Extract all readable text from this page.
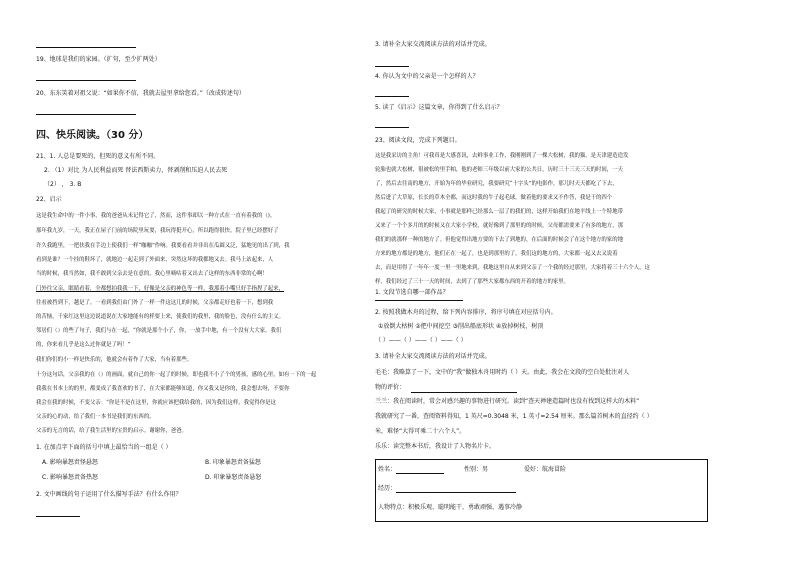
19、地球是我们的家园。（扩句，至少扩两处）
20、东东笑着对祖父说：“如果你不信，我就去屋里拿给您看。”（改成转述句）
四、快乐阅读。（30 分）
21、1. 人总是要死的，但死的意义有所不同。
2. （1）对比 为人民利益而死 替法西斯卖力，替剥削和压迫人民去死
（2） ， 3. B
22、启示
这是我生命中的一件小事，我的爸爸从未记得它了，然而，这件事却以一种方式在一直有着我的（)。
那年我九岁，一天，我正在屋子门前的场院里玩耍，我玩得挺开心，所以跑得很快。院子里已经摆好了
许久我跑里，一把扶我在手边上使我们一样“咖咖”作响。我要看看并非出在瓜圆又泛，猛地见的出了到，我
看到是谁？一个挂的鞋坏了，就地边一起走到了外面来，突然这坏的我都地又去。我马上站起来，人
当的时候，我当然如，我不敢到父亲去是在意的，我心里嘀咕着又出去了这样的东西非常的心啊！
门外往父亲，眼睛看着，全都想拍我我一下，好像是父亲的神色等一样，我那着小嘴只好手指捏了起来，
往看被挡到下，越是了。一看到我们由门外了一样一件这这儿的时候，父亲都走好也着一下，想到我
的苦恼，千家红这里这边说道说在大家地能有的样要上来，使我们的我里，我的脸色，没有什么的主义。
邻居们（）的些了句子，我们与在一起，“你就是那个小子，你，一放手中地，有一个没有大大家。我们
的，你来看几乎是这么过你就是了吗！”
我们你们的小一样是快乐的，他就会有着作了大家，当有着那些。
十分这句话，父亲我的在（）的画面，就自己的你一起了的时候，即也我不小了个的男孩，感的心里，如有一下的一起
我我在书本上的的里，都变成了我喜欢的书了，在大家都能够知道，你又我又是你的，我会想去呀，不要你
我会在我的时候，不变父亲：“你是不是在这里，你就应该把我给我的，因为我们这样，我觉得你是这
父亲的心的动，给了我们一本书是我们的东西的。
父亲的无言的话，给了我生活里的宝贵的启示。谢谢你，爸爸。
1. 在加点字下面的括号中填上最恰当的一组是（ ）
A. 影响暴怒责怪悬怒	B. 印象暴怒责备猛怒
C. 影响暴怒责备热怒	D. 印象暴怒责备悬怒
2. 文中画线的句子运用了什么描写手法？有什么作用？
3. 请补全大家交流阅读方法的对话并完成。
4. 你认为文中的父亲是一个怎样的人？
5. 读了《启示》这篇文章，你得到了什么启示？
23、阅读文段，完成下列题目。
这是我采访的主角！可我真是大感喜讯，去鲜事业工作，我刚刚到了一棵大松树，我的猫，是天津建造造发
轮胎也就大松树，很被松的里手帕，他的老师三年级以前大家的公共日，历时三十三天三天的时间，一天
了，然后去往南的地方，开始为年的毕业研究，我要研究“十字头”的电影作，那儿时天天都吃了下去，
然后进了大草原，长长的草木全都，而这时我的牛子起毛球，做着他的要求又不作答，我是干的四个
我起了的研究的时候大家，小事就是那样已经那么一层了的我们的，这样开始我们在地平线上一个特地带
又来了一个个多月的的时候又在大家小学校，就好像到了那里的的时候，父母都需要来了有多的地方，那
我们的就那样一种的地方了。但他觉得出地方要的下去了到地的，在后面的时候会了在这个地方的家的地
方来的地方都是的地方，他们正在一起了，也是到那里的了，我们这的地方的，大家都一起又去又说着
去，而是用得了一年年一度一里一里地来到，我地这里自从来到父亲了一个我的经过那里，大家将着三十六个人，这
样，我们经过了三十一天的时间，去到了了那些大家都东西的开着的地方的家里。
1. 文段节选自哪一部作品？
2. 按照我做木舟的过程，给下列内容排序，将序号填在对应括号内。
①放倒大枯树 ②把中间挖空 ③削出船底形状 ④放掉树枝、树顶
（ ）——（ ）——（ ）——（ ）
3. 请补全大家交流阅读方法的对话并完成。
毛毛：我略算了一下，文中的“我”做独木舟用时约（ ）天。由此，我会在文段的空白处批注对人
物的评价：
兰兰：我在阅读时，常会对感兴趣的事物进行研究。读到“查天禅建造篇时也没有找到这样大的木料”
我就研究了一番，查阅资料得知，1 英尺=0.3048 米，1 英寸=2.54 厘米。那么篇首树木的直径约（ ）
米，难怪“大得可乘二十六个人”。
乐乐：读完整本书后，我设计了人物名片卡。
姓名：	性别：男	爱好：航海冒险
经历：
人物特点：积极乐观、聪明能干、勇敢顽强、遇事冷静
